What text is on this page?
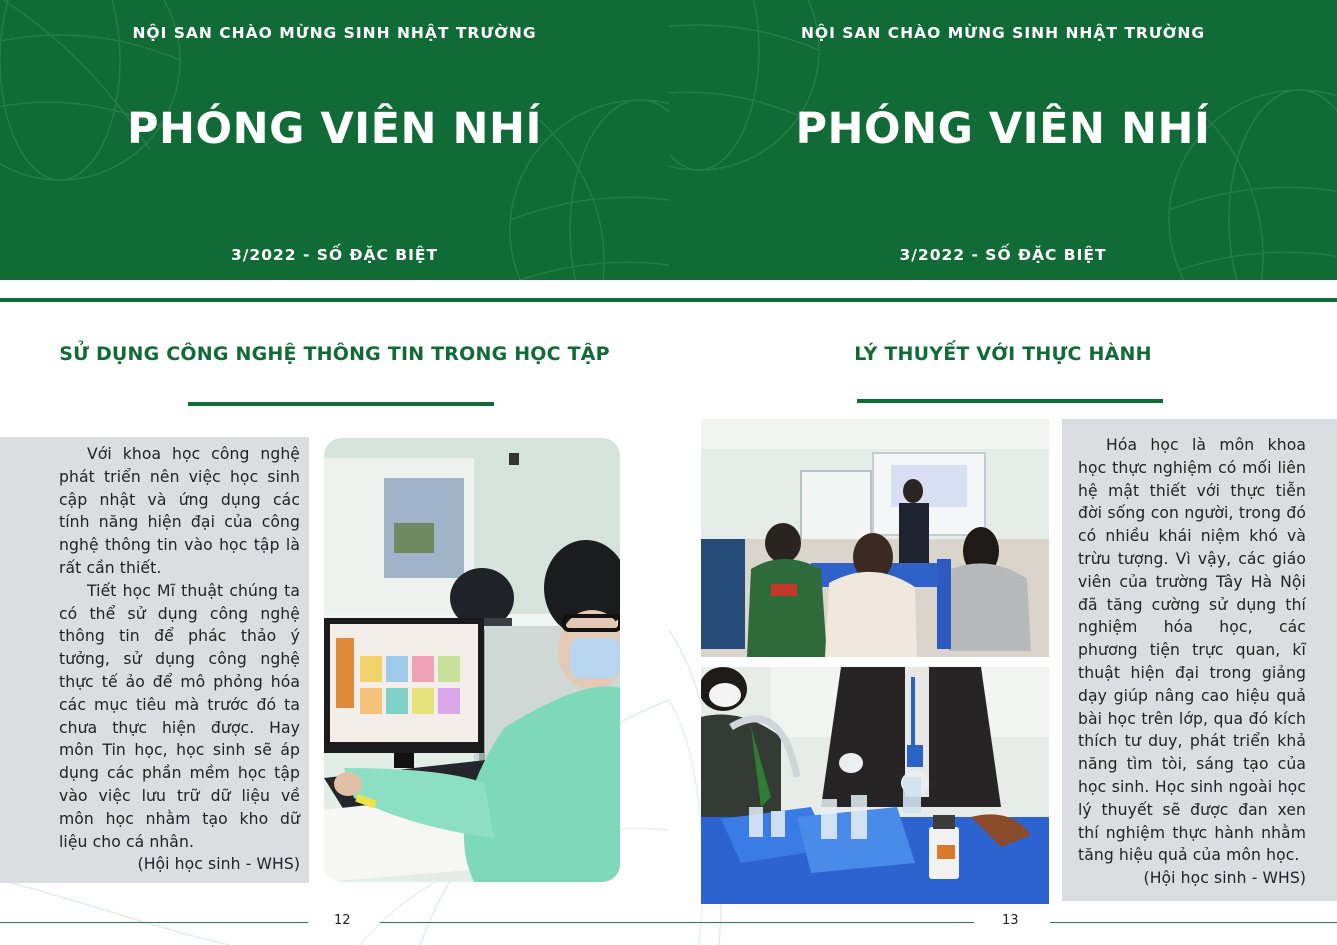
NỘI SAN CHÀO MỪNG SINH NHẬT TRƯỜNG
PHÓNG VIÊN NHÍ
3/2022 - SỐ ĐẶC BIỆT
SỬ DỤNG CÔNG NGHỆ THÔNG TIN TRONG HỌC TẬP

Với khoa học công nghệ phát triển nên việc học sinh cập nhật và ứng dụng các tính năng hiện đại của công nghệ thông tin vào học tập là rất cần thiết.

Tiết học Mĩ thuật chúng ta có thể sử dụng công nghệ thông tin để phác thảo ý tưởng, sử dụng công nghệ thực tế ảo để mô phỏng hóa các mục tiêu mà trước đó ta chưa thực hiện được. Hay môn Tin học, học sinh sẽ áp dụng các phần mềm học tập vào việc lưu trữ dữ liệu về môn học nhằm tạo kho dữ liệu cho cá nhân.

(Hội học sinh - WHS)
12
NỘI SAN CHÀO MỪNG SINH NHẬT TRƯỜNG
PHÓNG VIÊN NHÍ
3/2022 - SỐ ĐẶC BIỆT
LÝ THUYẾT VỚI THỰC HÀNH

Hóa học là môn khoa học thực nghiệm có mối liên hệ mật thiết với thực tiễn đời sống con người, trong đó có nhiều khái niệm khó và trừu tượng. Vì vậy, các giáo viên của trường Tây Hà Nội đã tăng cường sử dụng thí nghiệm hóa học, các phương tiện trực quan, kĩ thuật hiện đại trong giảng dạy giúp nâng cao hiệu quả bài học trên lớp, qua đó kích thích tư duy, phát triển khả năng tìm tòi, sáng tạo của học sinh. Học sinh ngoài học lý thuyết sẽ được đan xen thí nghiệm thực hành nhằm tăng hiệu quả của môn học.

(Hội học sinh - WHS)
13
